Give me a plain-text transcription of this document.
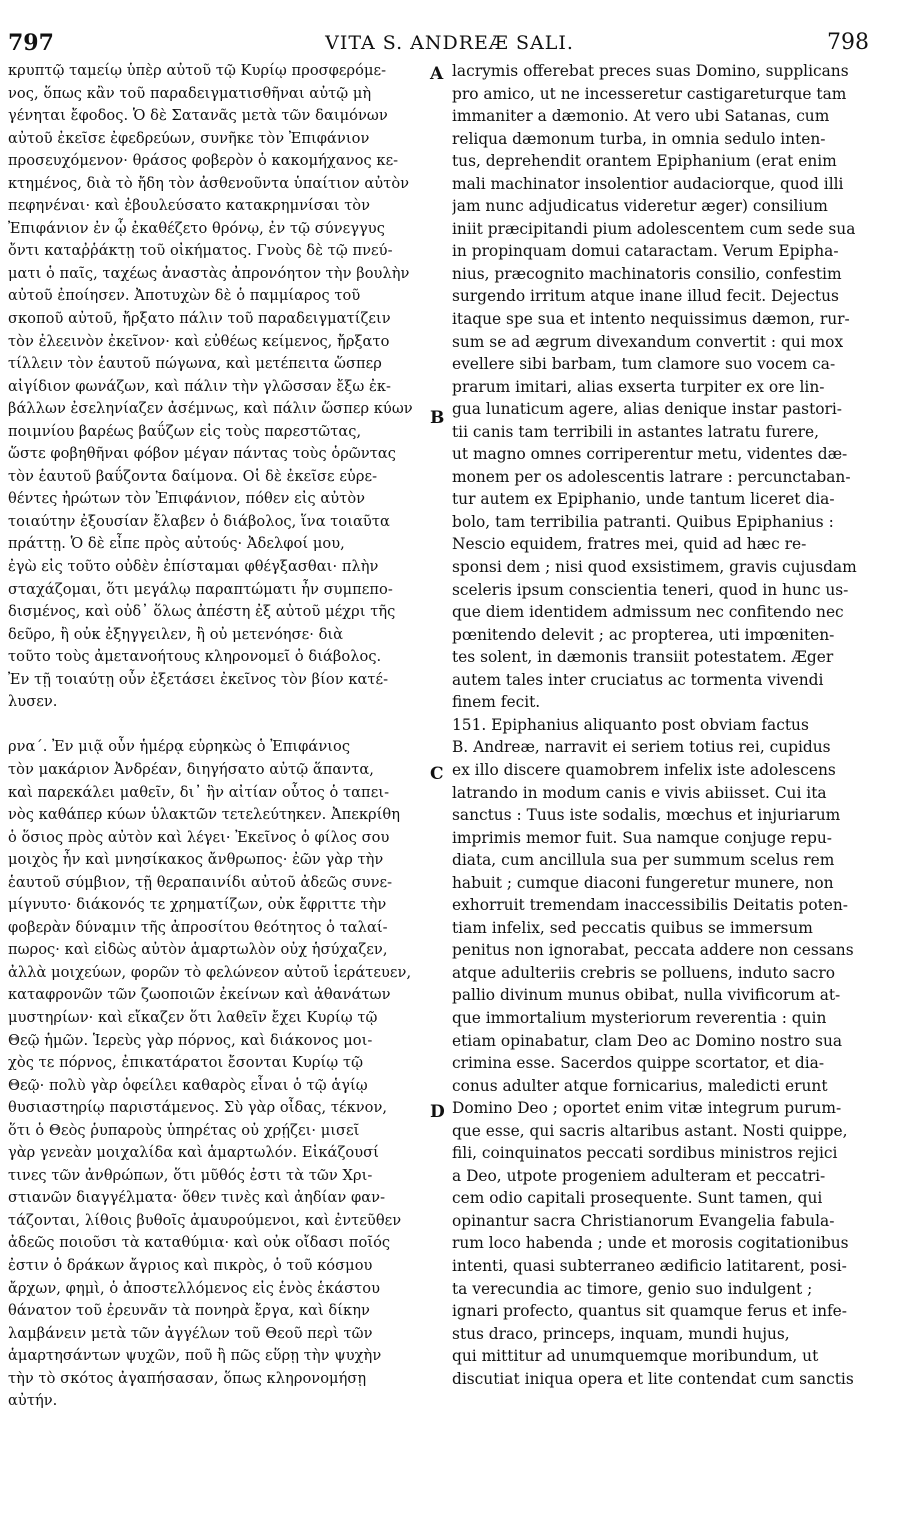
797	VITA S. ANDREÆ SALI.	798
κρυπτῷ ταμείῳ ὑπὲρ αὐτοῦ τῷ Κυρίῳ προσφερόμε-
νος, ὅπως κἂν τοῦ παραδειγματισθῆναι αὐτῷ μὴ
γένηται ἔφοδος. Ὁ δὲ Σατανᾶς μετὰ τῶν δαιμόνων
αὐτοῦ ἐκεῖσε ἐφεδρεύων, συνῆκε τὸν Ἐπιφάνιον
προσευχόμενον· θράσος φοβερὸν ὁ κακομήχανος κε-
κτημένος, διὰ τὸ ἤδη τὸν ἀσθενοῦντα ὑπαίτιον αὐτὸν
πεφηνέναι· καὶ ἐβουλεύσατο κατακρημνίσαι τὸν
Ἐπιφάνιον ἐν ᾧ ἐκαθέζετο θρόνῳ, ἐν τῷ σύνεγγυς
ὄντι καταῤῥάκτῃ τοῦ οἰκήματος. Γνοὺς δὲ τῷ πνεύ-
ματι ὁ παῖς, ταχέως ἀναστὰς ἀπρονόητον τὴν βουλὴν
αὐτοῦ ἐποίησεν. Ἀποτυχὼν δὲ ὁ παμμίαρος τοῦ
σκοποῦ αὐτοῦ, ἤρξατο πάλιν τοῦ παραδειγματίζειν
τὸν ἐλεεινὸν ἐκεῖνον· καὶ εὐθέως κείμενος, ἤρξατο
τίλλειν τὸν ἑαυτοῦ πώγωνα, καὶ μετέπειτα ὥσπερ
αἰγίδιον φωνάζων, καὶ πάλιν τὴν γλῶσσαν ἔξω ἐκ-
βάλλων ἐσεληνίαζεν ἀσέμνως, καὶ πάλιν ὥσπερ κύων
ποιμνίου βαρέως βαΰζων εἰς τοὺς παρεστῶτας,
ὥστε φοβηθῆναι φόβον μέγαν πάντας τοὺς ὁρῶντας
τὸν ἑαυτοῦ βαΰζοντα δαίμονα. Οἱ δὲ ἐκεῖσε εὑρε-
θέντες ἠρώτων τὸν Ἐπιφάνιον, πόθεν εἰς αὐτὸν
τοιαύτην ἐξουσίαν ἔλαβεν ὁ διάβολος, ἵνα τοιαῦτα
πράττῃ. Ὁ δὲ εἶπε πρὸς αὐτούς· Ἀδελφοί μου,
ἐγὼ εἰς τοῦτο οὐδὲν ἐπίσταμαι φθέγξασθαι· πλὴν
σταχάζομαι, ὅτι μεγάλῳ παραπτώματι ἦν συμπεπο-
δισμένος, καὶ οὐδ᾽ ὅλως ἀπέστη ἐξ αὐτοῦ μέχρι τῆς
δεῦρο, ἢ οὐκ ἐξηγγειλεν, ἢ οὐ μετενόησε· διὰ
τοῦτο τοὺς ἀμετανοήτους κληρονομεῖ ὁ διάβολος.
Ἐν τῇ τοιαύτῃ οὖν ἐξετάσει ἐκεῖνος τὸν βίον κατέ-
λυσεν.
ρνα΄. Ἐν μιᾷ οὖν ἡμέρᾳ εὑρηκὼς ὁ Ἐπιφάνιος
τὸν μακάριον Ἀνδρέαν, διηγήσατο αὐτῷ ἅπαντα,
καὶ παρεκάλει μαθεῖν, δι᾽ ἣν αἰτίαν οὗτος ὁ ταπει-
νὸς καθάπερ κύων ὑλακτῶν τετελεύτηκεν. Ἀπεκρίθη
ὁ ὅσιος πρὸς αὐτὸν καὶ λέγει· Ἐκεῖνος ὁ φίλος σου
μοιχὸς ἦν καὶ μνησίκακος ἄνθρωπος· ἐῶν γὰρ τὴν
ἑαυτοῦ σύμβιον, τῇ θεραπαινίδι αὐτοῦ ἀδεῶς συνε-
μίγνυτο· διάκονός τε χρηματίζων, οὐκ ἔφριττε τὴν
φοβερὰν δύναμιν τῆς ἀπροσίτου θεότητος ὁ ταλαί-
πωρος· καὶ εἰδὼς αὐτὸν ἁμαρτωλὸν οὐχ ἡσύχαζεν,
ἀλλὰ μοιχεύων, φορῶν τὸ φελώνεον αὐτοῦ ἱεράτευεν,
καταφρονῶν τῶν ζωοποιῶν ἐκείνων καὶ ἀθανάτων
μυστηρίων· καὶ εἴκαζεν ὅτι λαθεῖν ἔχει Κυρίῳ τῷ
Θεῷ ἡμῶν. Ἱερεὺς γὰρ πόρνος, καὶ διάκονος μοι-
χὸς τε πόρνος, ἐπικατάρατοι ἔσονται Κυρίῳ τῷ
Θεῷ· πολὺ γὰρ ὀφείλει καθαρὸς εἶναι ὁ τῷ ἁγίῳ
θυσιαστηρίῳ παριστάμενος. Σὺ γὰρ οἶδας, τέκνον,
ὅτι ὁ Θεὸς ῥυπαροὺς ὑπηρέτας οὐ χρῄζει· μισεῖ
γὰρ γενεὰν μοιχαλίδα καὶ ἁμαρτωλόν. Εἰκάζουσί
τινες τῶν ἀνθρώπων, ὅτι μῦθός ἐστι τὰ τῶν Χρι-
στιανῶν διαγγέλματα· ὅθεν τινὲς καὶ ἀηδίαν φαν-
τάζονται, λίθοις βυθοῖς ἀμαυρούμενοι, καὶ ἐντεῦθεν
ἀδεῶς ποιοῦσι τὰ καταθύμια· καὶ οὐκ οἴδασι ποῖός
ἐστιν ὁ δράκων ἄγριος καὶ πικρὸς, ὁ τοῦ κόσμου
ἄρχων, φημὶ, ὁ ἀποστελλόμενος εἰς ἑνὸς ἑκάστου
θάνατον τοῦ ἐρευνᾶν τὰ πονηρὰ ἔργα, καὶ δίκην
λαμβάνειν μετὰ τῶν ἀγγέλων τοῦ Θεοῦ περὶ τῶν
ἁμαρτησάντων ψυχῶν, ποῦ ἢ πῶς εὕρῃ τὴν ψυχὴν
τὴν τὸ σκότος ἀγαπήσασαν, ὅπως κληρονομήσῃ
αὐτήν.
lacrymis offerebat preces suas Domino, supplicans
pro amico, ut ne incesseretur castigareturque tam
immaniter a dæmonio. At vero ubi Satanas, cum
reliqua dæmonum turba, in omnia sedulo inten-
tus, deprehendit orantem Epiphanium (erat enim
mali machinator insolentior audaciorque, quod illi
jam nunc adjudicatus videretur æger) consilium
iniit præcipitandi pium adolescentem cum sede sua
in propinquam domui cataractam. Verum Epipha-
nius, præcognito machinatoris consilio, confestim
surgendo irritum atque inane illud fecit. Dejectus
itaque spe sua et intento nequissimus dæmon, rur-
sum se ad ægrum divexandum convertit : qui mox
evellere sibi barbam, tum clamore suo vocem ca-
prarum imitari, alias exserta turpiter ex ore lin-
gua lunaticum agere, alias denique instar pastori-
tii canis tam terribili in astantes latratu furere,
ut magno omnes corriperentur metu, videntes dæ-
monem per os adolescentis latrare : percunctaban-
tur autem ex Epiphanio, unde tantum liceret dia-
bolo, tam terribilia patranti. Quibus Epiphanius :
Nescio equidem, fratres mei, quid ad hæc re-
sponsi dem ; nisi quod exsistimem, gravis cujusdam
sceleris ipsum conscientia teneri, quod in hunc us-
que diem identidem admissum nec confitendo nec
pœnitendo delevit ; ac propterea, uti impœniten-
tes solent, in dæmonis transiit potestatem. Æger
autem tales inter cruciatus ac tormenta vivendi
finem fecit.
151. Epiphanius aliquanto post obviam factus
B. Andreæ, narravit ei seriem totius rei, cupidus
ex illo discere quamobrem infelix iste adolescens
latrando in modum canis e vivis abiisset. Cui ita
sanctus : Tuus iste sodalis, mœchus et injuriarum
imprimis memor fuit. Sua namque conjuge repu-
diata, cum ancillula sua per summum scelus rem
habuit ; cumque diaconi fungeretur munere, non
exhorruit tremendam inaccessibilis Deitatis poten-
tiam infelix, sed peccatis quibus se immersum
penitus non ignorabat, peccata addere non cessans
atque adulteriis crebris se polluens, induto sacro
pallio divinum munus obibat, nulla vivificorum at-
que immortalium mysteriorum reverentia : quin
etiam opinabatur, clam Deo ac Domino nostro sua
crimina esse. Sacerdos quippe scortator, et dia-
conus adulter atque fornicarius, maledicti erunt
Domino Deo ; oportet enim vitæ integrum purum-
que esse, qui sacris altaribus astant. Nosti quippe,
fili, coinquinatos peccati sordibus ministros rejici
a Deo, utpote progeniem adulteram et peccatri-
cem odio capitali prosequente. Sunt tamen, qui
opinantur sacra Christianorum Evangelia fabula-
rum loco habenda ; unde et morosis cogitationibus
intenti, quasi subterraneo ædificio latitarent, posi-
ta verecundia ac timore, genio suo indulgent ;
ignari profecto, quantus sit quamque ferus et infe-
stus draco, princeps, inquam, mundi hujus,
qui mittitur ad unumquemque moribundum, ut
discutiat iniqua opera et lite contendat cum sanctis
A
B
C
D
